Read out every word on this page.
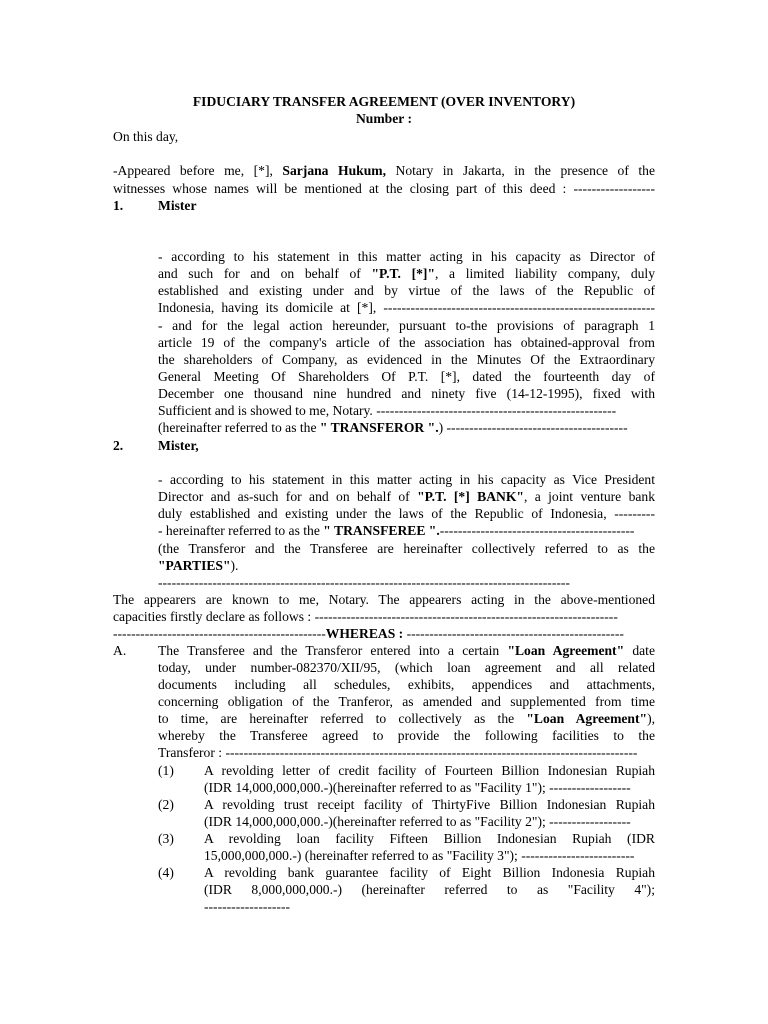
FIDUCIARY TRANSFER AGREEMENT (OVER INVENTORY)
Number :
On this day,
-Appeared before me, [*], Sarjana Hukum, Notary in Jakarta, in the presence of the
witnesses whose names will be mentioned at the closing part of this deed : ------------------
1.	Mister
- according to his statement in this matter acting in his capacity as Director of
and such for and on behalf of "P.T. [*]", a limited liability company, duly
established and existing under and by virtue of the laws of the Republic of
Indonesia, having its domicile at [*], ------------------------------------------------------------
- and for the legal action hereunder, pursuant to-the provisions of paragraph 1
article 19 of the company's article of the association has obtained-approval from
the shareholders of Company, as evidenced in the Minutes Of the Extraordinary
General Meeting Of Shareholders Of P.T. [*], dated the fourteenth day of
December one thousand nine hundred and ninety five (14-12-1995), fixed with
Sufficient and is showed to me, Notary. -----------------------------------------------------
(hereinafter referred to as the " TRANSFEROR ".) ----------------------------------------
2.	Mister,
- according to his statement in this matter acting in his capacity as Vice President
Director and as-such for and on behalf of "P.T. [*] BANK", a joint venture bank
duly established and existing under the laws of the Republic of Indonesia, ---------
- hereinafter referred to as the " TRANSFEREE ".-------------------------------------------
(the Transferor and the Transferee are hereinafter collectively referred to as the
"PARTIES").
-------------------------------------------------------------------------------------------
The appearers are known to me, Notary. The appearers acting in the above-mentioned
capacities firstly declare as follows : -------------------------------------------------------------------
-----------------------------------------------WHEREAS : ------------------------------------------------
A. The Transferee and the Transferor entered into a certain "Loan Agreement" date
today, under number-082370/XII/95, (which loan agreement and all related
documents including all schedules, exhibits, appendices and attachments,
concerning obligation of the Tranferor, as amended and supplemented from time
to time, are hereinafter referred to collectively as the "Loan Agreement"),
whereby the Transferee agreed to provide the following facilities to the
Transferor : -------------------------------------------------------------------------------------------
(1) A revolding letter of credit facility of Fourteen Billion Indonesian Rupiah
(IDR 14,000,000,000.-)(hereinafter referred to as "Facility 1"); ------------------
(2) A revolding trust receipt facility of ThirtyFive Billion Indonesian Rupiah
(IDR 14,000,000,000.-)(hereinafter referred to as "Facility 2"); ------------------
(3) A revolding loan facility Fifteen Billion Indonesian Rupiah (IDR
15,000,000,000.-) (hereinafter referred to as "Facility 3"); -------------------------
(4) A revolding bank guarantee facility of Eight Billion Indonesia Rupiah
(IDR 8,000,000,000.-) (hereinafter referred to as "Facility 4");
-------------------
